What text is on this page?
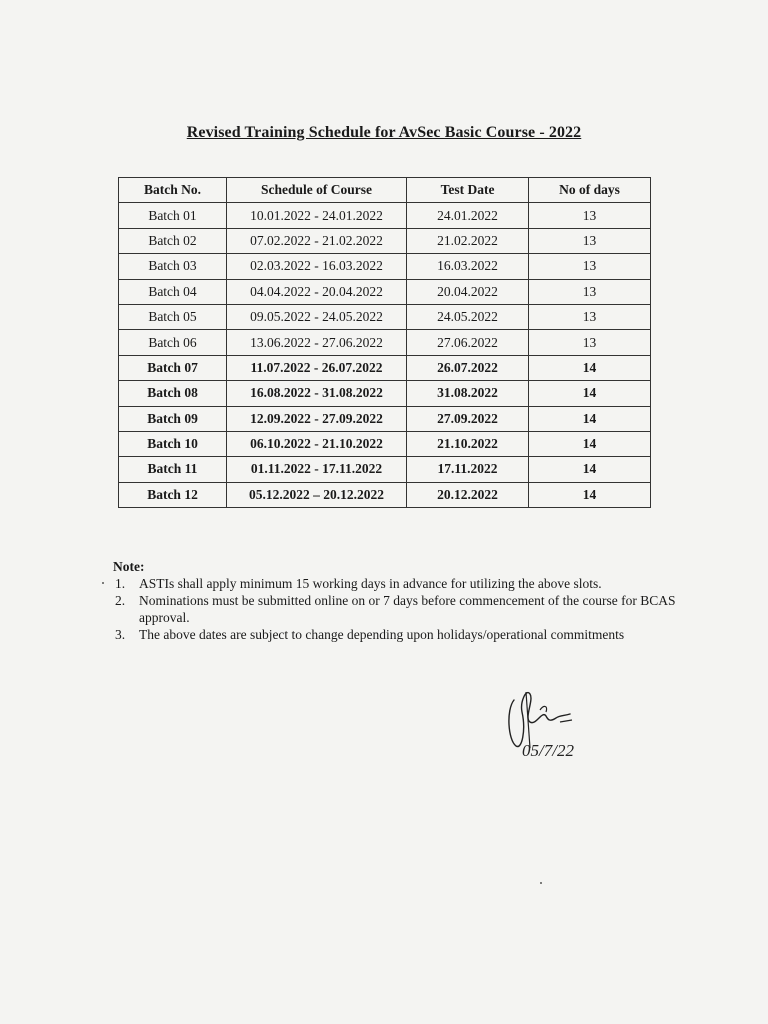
Revised Training Schedule for AvSec Basic Course - 2022
Batch No.	Schedule of Course	Test Date	No of days
Batch 01	10.01.2022 - 24.01.2022	24.01.2022	13
Batch 02	07.02.2022 - 21.02.2022	21.02.2022	13
Batch 03	02.03.2022 - 16.03.2022	16.03.2022	13
Batch 04	04.04.2022 - 20.04.2022	20.04.2022	13
Batch 05	09.05.2022 - 24.05.2022	24.05.2022	13
Batch 06	13.06.2022 - 27.06.2022	27.06.2022	13
Batch 07	11.07.2022 - 26.07.2022	26.07.2022	14
Batch 08	16.08.2022 - 31.08.2022	31.08.2022	14
Batch 09	12.09.2022 - 27.09.2022	27.09.2022	14
Batch 10	06.10.2022 - 21.10.2022	21.10.2022	14
Batch 11	01.11.2022 - 17.11.2022	17.11.2022	14
Batch 12	05.12.2022 – 20.12.2022	20.12.2022	14
Note:
1. ASTIs shall apply minimum 15 working days in advance for utilizing the above slots.
2. Nominations must be submitted online on or 7 days before commencement of the course for BCAS approval.
3. The above dates are subject to change depending upon holidays/operational commitments
05/7/22
